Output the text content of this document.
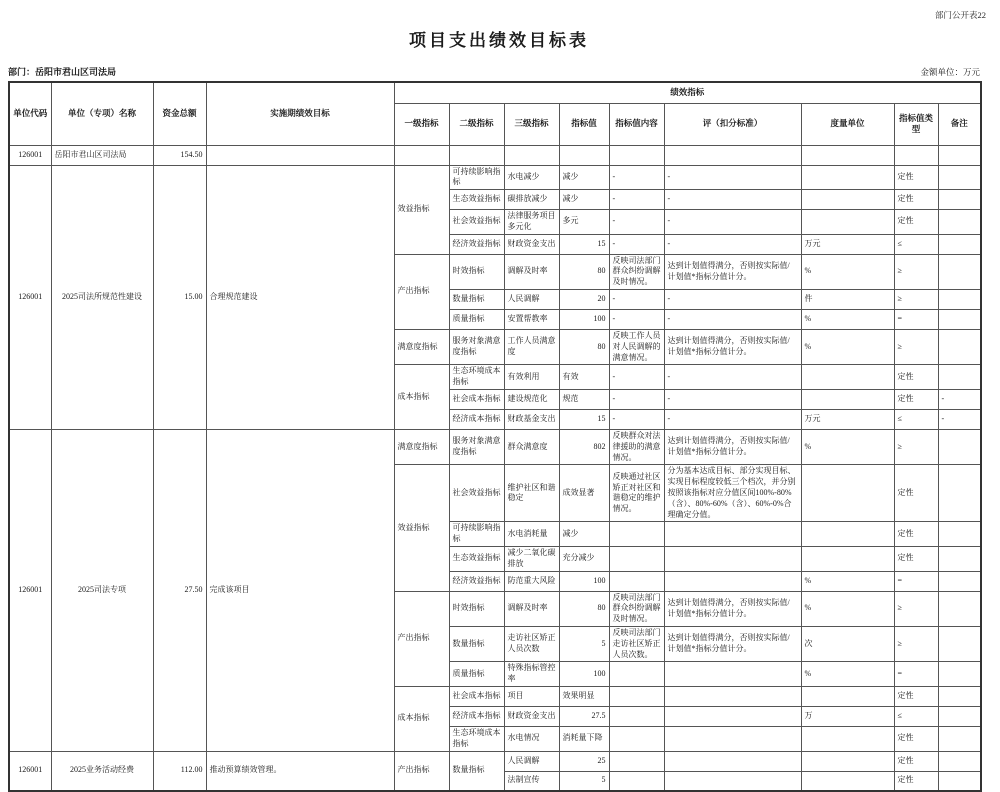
部门公开表22
项目支出绩效目标表
部门：岳阳市君山区司法局	金额单位：万元
单位代码	单位（专项）名称	资金总额	实施期绩效目标	绩效指标								
				一级指标	二级指标	三级指标	指标值	指标值内容	评（扣分标准）	度量单位	指标值类型	备注
126001	岳阳市君山区司法局	154.50										
126001	2025司法所规范性建设	15.00	合理规范建设	效益指标	可持续影响指标	水电减少	减少	-	-		定性	
					生态效益指标	碳排放减少	减少	-	-		定性	
					社会效益指标	法律服务项目多元化	多元	-	-		定性	
					经济效益指标	财政资金支出	15	-	-	万元	≤	
				产出指标	时效指标	调解及时率	80	反映司法部门群众纠纷调解及时情况。	达到计划值得满分，否则按实际值/计划值*指标分值计分。	%	≥	
					数量指标	人民调解	20	-	-	件	≥	
					质量指标	安置帮教率	100	-	-	%	=	
				满意度指标	服务对象满意度指标	工作人员满意度	80	反映工作人员对人民调解的满意情况。	达到计划值得满分，否则按实际值/计划值*指标分值计分。	%	≥	
				成本指标	生态环境成本指标	有效利用	有效	-	-		定性	
					社会成本指标	建设规范化	规范	-	-		定性	-
					经济成本指标	财政基金支出	15	-	-	万元	≤	-
126001	2025司法专项	27.50	完成该项目	满意度指标	服务对象满意度指标	群众满意度	802	反映群众对法律援助的满意情况。	达到计划值得满分，否则按实际值/计划值*指标分值计分。	%	≥	
				效益指标	社会效益指标	维护社区和谐稳定	成效显著	反映通过社区矫正对社区和谐稳定的维护情况。	分为基本达成目标、部分实现目标、实现目标程度较低三个档次，并分别按照该指标对应分值区间100%-80%（含）、80%-60%（含）、60%-0%合理确定分值。		定性	
					可持续影响指标	水电消耗量	减少				定性	
					生态效益指标	减少二氧化碳排放	充分减少				定性	
					经济效益指标	防范重大风险	100			%	=	
				产出指标	时效指标	调解及时率	80	反映司法部门群众纠纷调解及时情况。	达到计划值得满分，否则按实际值/计划值*指标分值计分。	%	≥	
					数量指标	走访社区矫正人员次数	5	反映司法部门走访社区矫正人员次数。	达到计划值得满分，否则按实际值/计划值*指标分值计分。	次	≥	
					质量指标	特殊指标管控率	100			%	=	
				成本指标	社会成本指标	项目	效果明显				定性	
					经济成本指标	财政资金支出	27.5			万	≤	
					生态环境成本指标	水电情况	消耗量下降				定性	
126001	2025业务活动经费	112.00	推动预算绩效管理。	产出指标	数量指标	人民调解	25				定性	
						法制宣传	5				定性	
